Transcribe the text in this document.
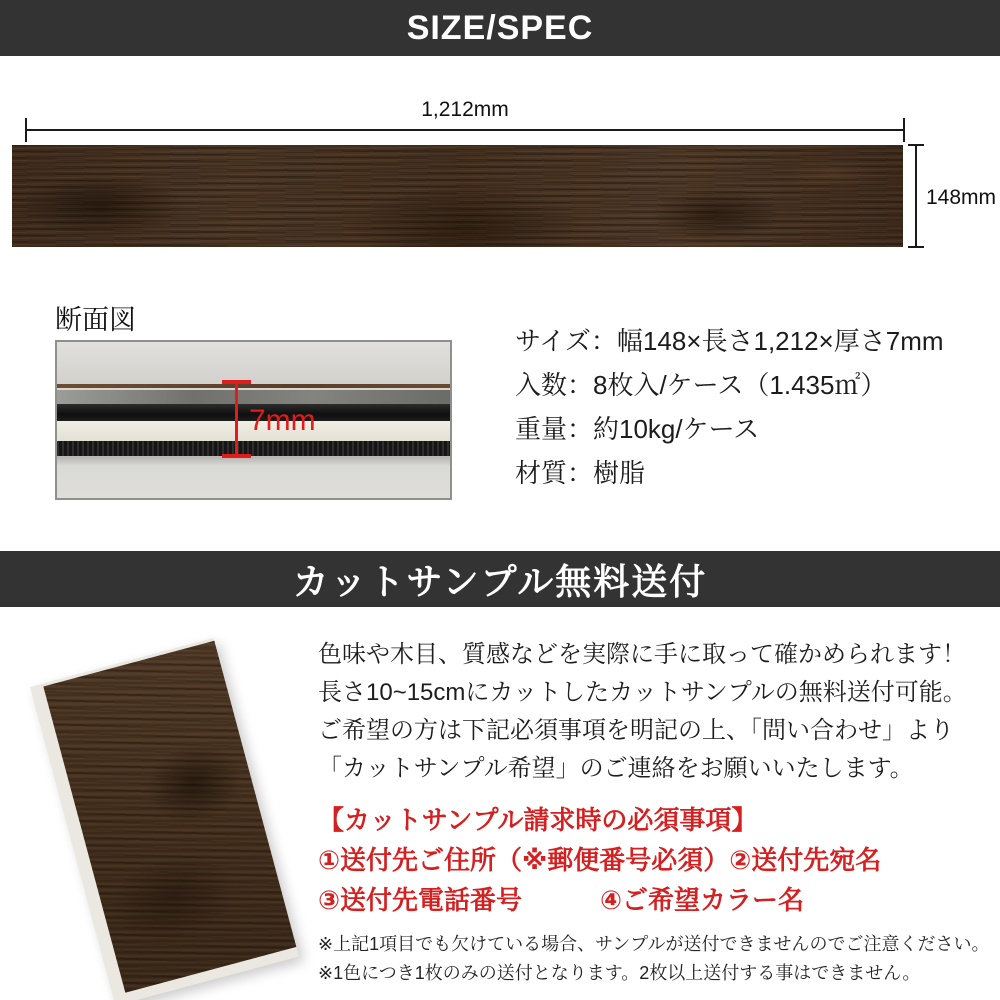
SIZE/SPEC
1,212mm
148mm
断面図
7mm
サイズ：幅148×長さ1,212×厚さ7mm
入数：8枚入/ケース（1.435㎡）
重量：約10kg/ケース
材質：樹脂
カットサンプル無料送付
色味や木目、質感などを実際に手に取って確かめられます！
長さ10~15cmにカットしたカットサンプルの無料送付可能。
ご希望の方は下記必須事項を明記の上、「問い合わせ」より
「カットサンプル希望」のご連絡をお願いいたします。
【カットサンプル請求時の必須事項】
①送付先ご住所（※郵便番号必須）②送付先宛名
③送付先電話番号　　　④ご希望カラー名
※上記1項目でも欠けている場合、サンプルが送付できませんのでご注意ください。
※1色につき1枚のみの送付となります。2枚以上送付する事はできません。
